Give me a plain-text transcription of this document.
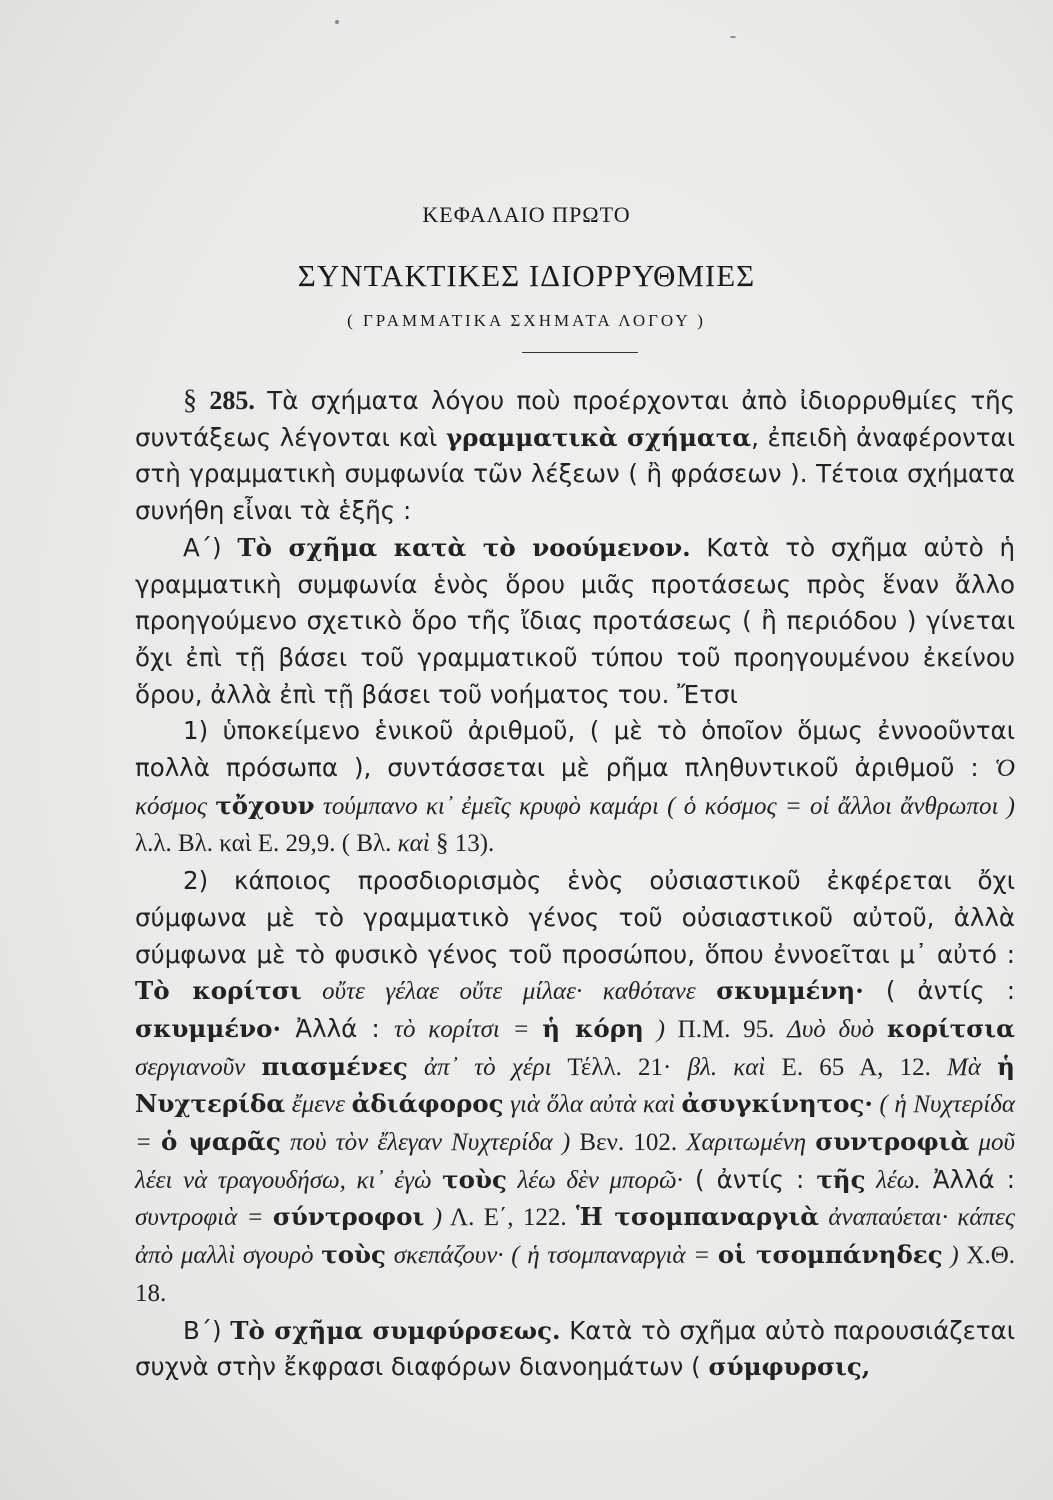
ΚΕΦΑΛΑΙΟ ΠΡΩΤΟ
ΣΥΝΤΑΚΤΙΚΕΣ ΙΔΙΟΡΡΥΘΜΙΕΣ
( ΓΡΑΜΜΑΤΙΚΑ ΣΧΗΜΑΤΑ ΛΟΓΟΥ )

§ 285. Τὰ σχήματα λόγου ποὺ προέρχονται ἀπὸ ἰδιορρυθμίες τῆς συντάξεως λέγονται καὶ γραμματικὰ σχήματα, ἐπειδὴ ἀναφέρονται στὴ γραμματικὴ συμφωνία τῶν λέξεων ( ἢ φράσεων ). Τέτοια σχήματα συνήθη εἶναι τὰ ἑξῆς :

Α΄) Τὸ σχῆμα κατὰ τὸ νοούμενον. Κατὰ τὸ σχῆμα αὐτὸ ἡ γραμματικὴ συμφωνία ἑνὸς ὅρου μιᾶς προτάσεως πρὸς ἕναν ἄλλο προηγούμενο σχετικὸ ὅρο τῆς ἴδιας προτάσεως ( ἢ περιόδου ) γίνεται ὄχι ἐπὶ τῇ βάσει τοῦ γραμματικοῦ τύπου τοῦ προηγουμένου ἐκείνου ὅρου, ἀλλὰ ἐπὶ τῇ βάσει τοῦ νοήματος του. Ἔτσι

1) ὑποκείμενο ἑνικοῦ ἀριθμοῦ, ( μὲ τὸ ὁποῖον ὅμως ἐννοοῦνται πολλὰ πρόσωπα ), συντάσσεται μὲ ρῆμα πληθυντικοῦ ἀριθμοῦ : Ὁ κόσμος τὄχουν τούμπανο κι᾽ ἐμεῖς κρυφὸ καμάρι ( ὁ κόσμος = οἱ ἄλλοι ἄνθρωποι ) λ.λ. Βλ. καὶ Ε. 29,9. ( Βλ. καὶ § 13).

2) κάποιος προσδιορισμὸς ἑνὸς οὐσιαστικοῦ ἐκφέρεται ὄχι σύμφωνα μὲ τὸ γραμματικὸ γένος τοῦ οὐσιαστικοῦ αὐτοῦ, ἀλλὰ σύμφωνα μὲ τὸ φυσικὸ γένος τοῦ προσώπου, ὅπου ἐννοεῖται μ᾽ αὐτό : Τὸ κορίτσι οὔτε γέλαε οὔτε μίλαε· καθότανε σκυμμένη· ( ἀντίς : σκυμμένο· Ἀλλά : τὸ κορίτσι = ἡ κόρη ) Π.Μ. 95. Δυὸ δυὸ κορίτσια σεργιανοῦν πιασμένες ἀπ᾽ τὸ χέρι Τέλλ. 21· βλ. καὶ Ε. 65 Α, 12. Μὰ ἡ Νυχτερίδα ἔμενε ἀδιάφορος γιὰ ὅλα αὐτὰ καὶ ἀσυγκίνητος· ( ἡ Νυχτερίδα = ὁ ψαρᾶς ποὺ τὸν ἔλεγαν Νυχτερίδα ) Βεν. 102. Χαριτωμένη συντροφιὰ μοῦ λέει νὰ τραγουδήσω, κι᾽ ἐγὼ τοὺς λέω δὲν μπορῶ· ( ἀντίς : τῆς λέω. Ἀλλά : συντροφιὰ = σύντροφοι ) Λ. Ε΄, 122. Ἡ τσομπαναργιὰ ἀναπαύεται· κάπες ἀπὸ μαλλὶ σγουρὸ τοὺς σκεπάζουν· ( ἡ τσομπαναργιὰ = οἱ τσομπάνηδες ) Χ.Θ. 18.

Β΄) Τὸ σχῆμα συμφύρσεως. Κατὰ τὸ σχῆμα αὐτὸ παρουσιάζεται συχνὰ στὴν ἔκφρασι διαφόρων διανοημάτων ( σύμφυρσις,
